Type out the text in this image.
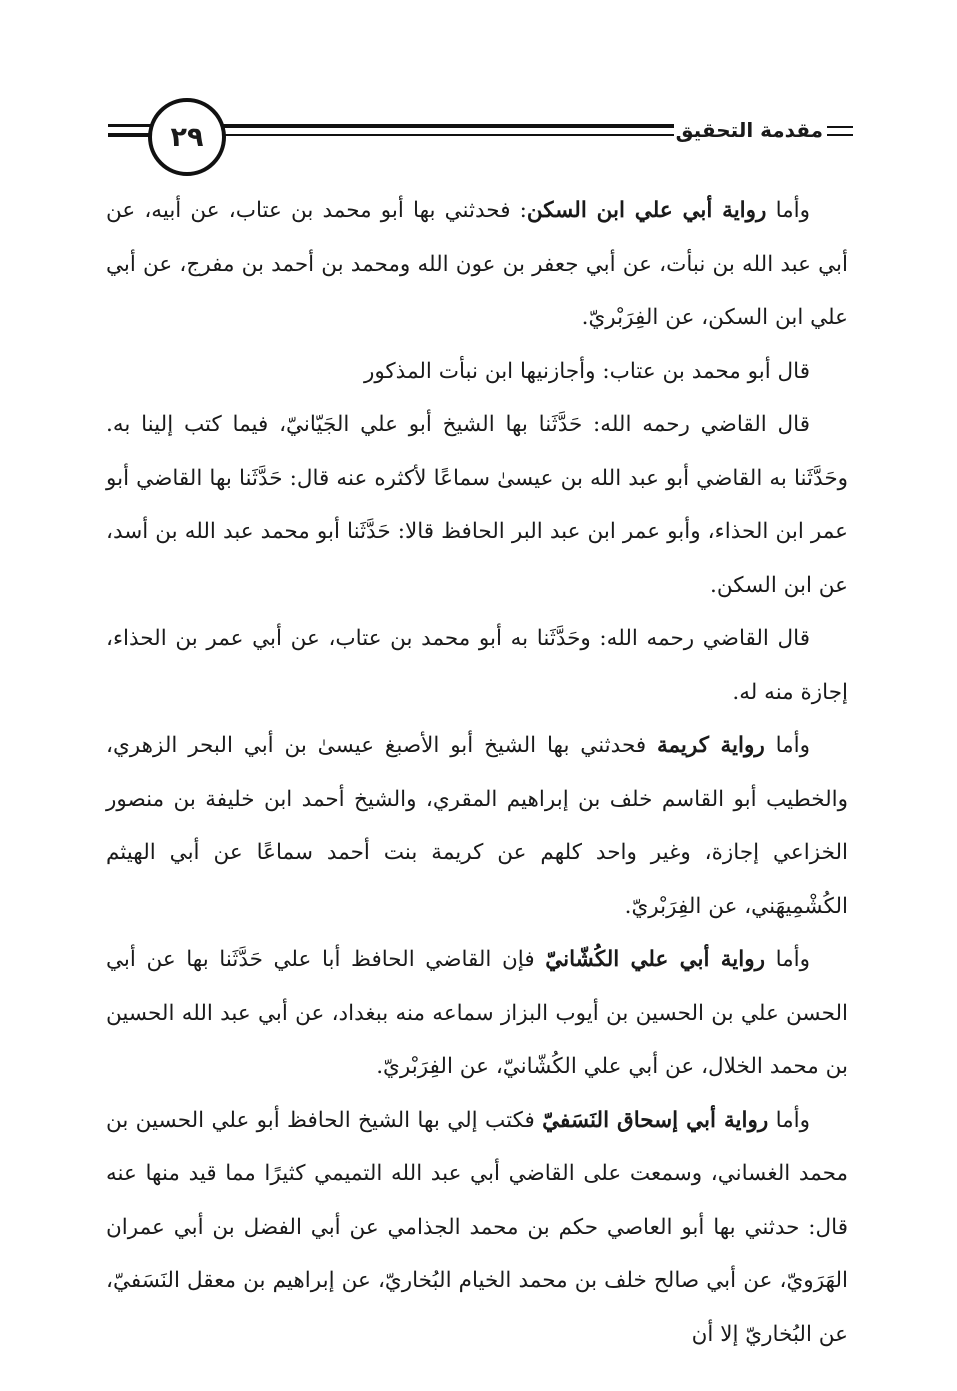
٢٩	مقدمة التحقيق

وأما رواية أبي علي ابن السكن: فحدثني بها أبو محمد بن عتاب، عن أبيه، عن أبي عبد الله بن نبأت، عن أبي جعفر بن عون الله ومحمد بن أحمد بن مفرج، عن أبي علي ابن السكن، عن الفِرَبْريّ.

قال أبو محمد بن عتاب: وأجازنيها ابن نبأت المذكور

قال القاضي رحمه الله: حَدَّثَنا بها الشيخ أبو علي الجَيّانيّ، فيما كتب إلينا به. وحَدَّثَنا به القاضي أبو عبد الله بن عيسىٰ سماعًا لأكثره عنه قال: حَدَّثَنا بها القاضي أبو عمر ابن الحذاء، وأبو عمر ابن عبد البر الحافظ قالا: حَدَّثَنا أبو محمد عبد الله بن أسد، عن ابن السكن.

قال القاضي رحمه الله: وحَدَّثَنا به أبو محمد بن عتاب، عن أبي عمر بن الحذاء، إجازة منه له.

وأما رواية كريمة فحدثني بها الشيخ أبو الأصبغ عيسىٰ بن أبي البحر الزهري، والخطيب أبو القاسم خلف بن إبراهيم المقري، والشيخ أحمد ابن خليفة بن منصور الخزاعي إجازة، وغير واحد كلهم عن كريمة بنت أحمد سماعًا عن أبي الهيثم الكُشْمِيهَني، عن الفِرَبْريّ.

وأما رواية أبي علي الكُشّانيّ فإن القاضي الحافظ أبا علي حَدَّثَنا بها عن أبي الحسن علي بن الحسين بن أيوب البزاز سماعه منه ببغداد، عن أبي عبد الله الحسين بن محمد الخلال، عن أبي علي الكُشّانيّ، عن الفِرَبْريّ.

وأما رواية أبي إسحاق النَسَفيّ فكتب إلي بها الشيخ الحافظ أبو علي الحسين بن محمد الغساني، وسمعت على القاضي أبي عبد الله التميمي كثيرًا مما قيد منها عنه قال: حدثني بها أبو العاصي حكم بن محمد الجذامي عن أبي الفضل بن أبي عمران الهَرَويّ، عن أبي صالح خلف بن محمد الخيام البُخاريّ، عن إبراهيم بن معقل النَسَفيّ، عن البُخاريّ إلا أن
